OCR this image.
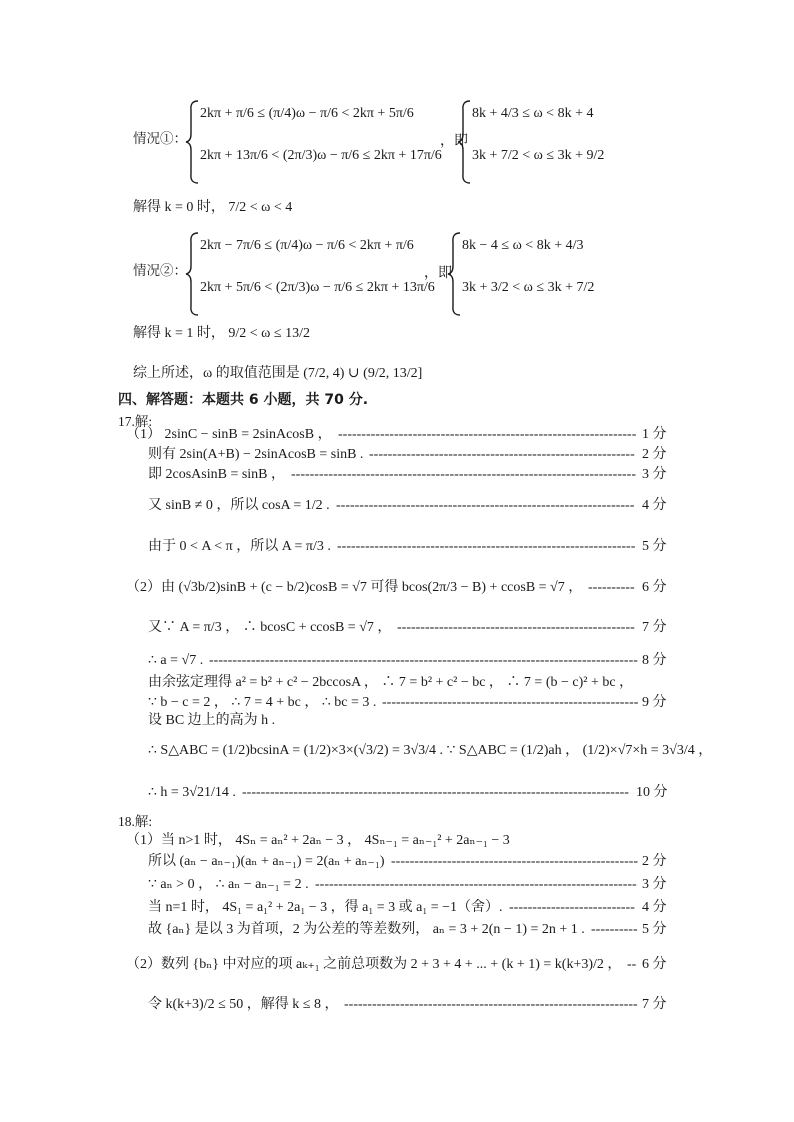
情况①：
2kπ + π/6 ≤ (π/4)ω − π/6 < 2kπ + 5π/6
2kπ + 13π/6 < (2π/3)ω − π/6 ≤ 2kπ + 17π/6
，即
8k + 4/3 ≤ ω < 8k + 4
3k + 7/2 < ω ≤ 3k + 9/2
解得 k = 0 时， 7/2 < ω < 4
情况②：
2kπ − 7π/6 ≤ (π/4)ω − π/6 < 2kπ + π/6
2kπ + 5π/6 < (2π/3)ω − π/6 ≤ 2kπ + 13π/6
，即
8k − 4 ≤ ω < 8k + 4/3
3k + 3/2 < ω ≤ 3k + 7/2
解得 k = 1 时， 9/2 < ω ≤ 13/2
综上所述，ω 的取值范围是 (7/2, 4) ∪ (9/2, 13/2]
四、解答题：本题共 6 小题，共 70 分.
17.解:
（1） 2sinC − sinB = 2sinAcosB ， ---------------------------------------------------------------- 1 分
则有 2sin(A+B) − 2sinAcosB = sinB . --------------------------------------------------------- 2 分
即 2cosAsinB = sinB ， -------------------------------------------------------------------------- 3 分
又 sinB ≠ 0 ，所以 cosA = 1/2 . ---------------------------------------------------------------- 4 分
由于 0 < A < π ，所以 A = π/3 . ---------------------------------------------------------------- 5 分
（2）由 (√3b/2)sinB + (c − b/2)cosB = √7 可得 bcos(2π/3 − B) + ccosB = √7 ， ---------- 6 分
又∵ A = π/3 ， ∴ bcosC + ccosB = √7 ， --------------------------------------------------- 7 分
∴ a = √7 . -------------------------------------------------------------------------------------------- 8 分
由余弦定理得 a² = b² + c² − 2bccosA ， ∴ 7 = b² + c² − bc ， ∴ 7 = (b − c)² + bc ，
∵ b − c = 2 ， ∴ 7 = 4 + bc ， ∴ bc = 3 . ------------------------------------------------------- 9 分
设 BC 边上的高为 h .
∴ S△ABC = (1/2)bcsinA = (1/2)×3×(√3/2) = 3√3/4 . ∵ S△ABC = (1/2)ah ， (1/2)×√7×h = 3√3/4 ，
∴ h = 3√21/14 . ----------------------------------------------------------------------------------- 10 分
18.解:
（1）当 n>1 时， 4Sₙ = aₙ² + 2aₙ − 3 ， 4Sₙ₋₁ = aₙ₋₁² + 2aₙ₋₁ − 3
所以 (aₙ − aₙ₋₁)(aₙ + aₙ₋₁) = 2(aₙ + aₙ₋₁) ----------------------------------------------------- 2 分
∵ aₙ > 0 ， ∴ aₙ − aₙ₋₁ = 2 . --------------------------------------------------------------------- 3 分
当 n=1 时， 4S₁ = a₁² + 2a₁ − 3 ，得 a₁ = 3 或 a₁ = −1（舍）. --------------------------- 4 分
故 {aₙ} 是以 3 为首项，2 为公差的等差数列， aₙ = 3 + 2(n − 1) = 2n + 1 . ---------- 5 分
（2）数列 {bₙ} 中对应的项 aₖ₊₁ 之前总项数为 2 + 3 + 4 + ... + (k + 1) = k(k+3)/2 ， -- 6 分
令 k(k+3)/2 ≤ 50 ，解得 k ≤ 8 ， --------------------------------------------------------------- 7 分
